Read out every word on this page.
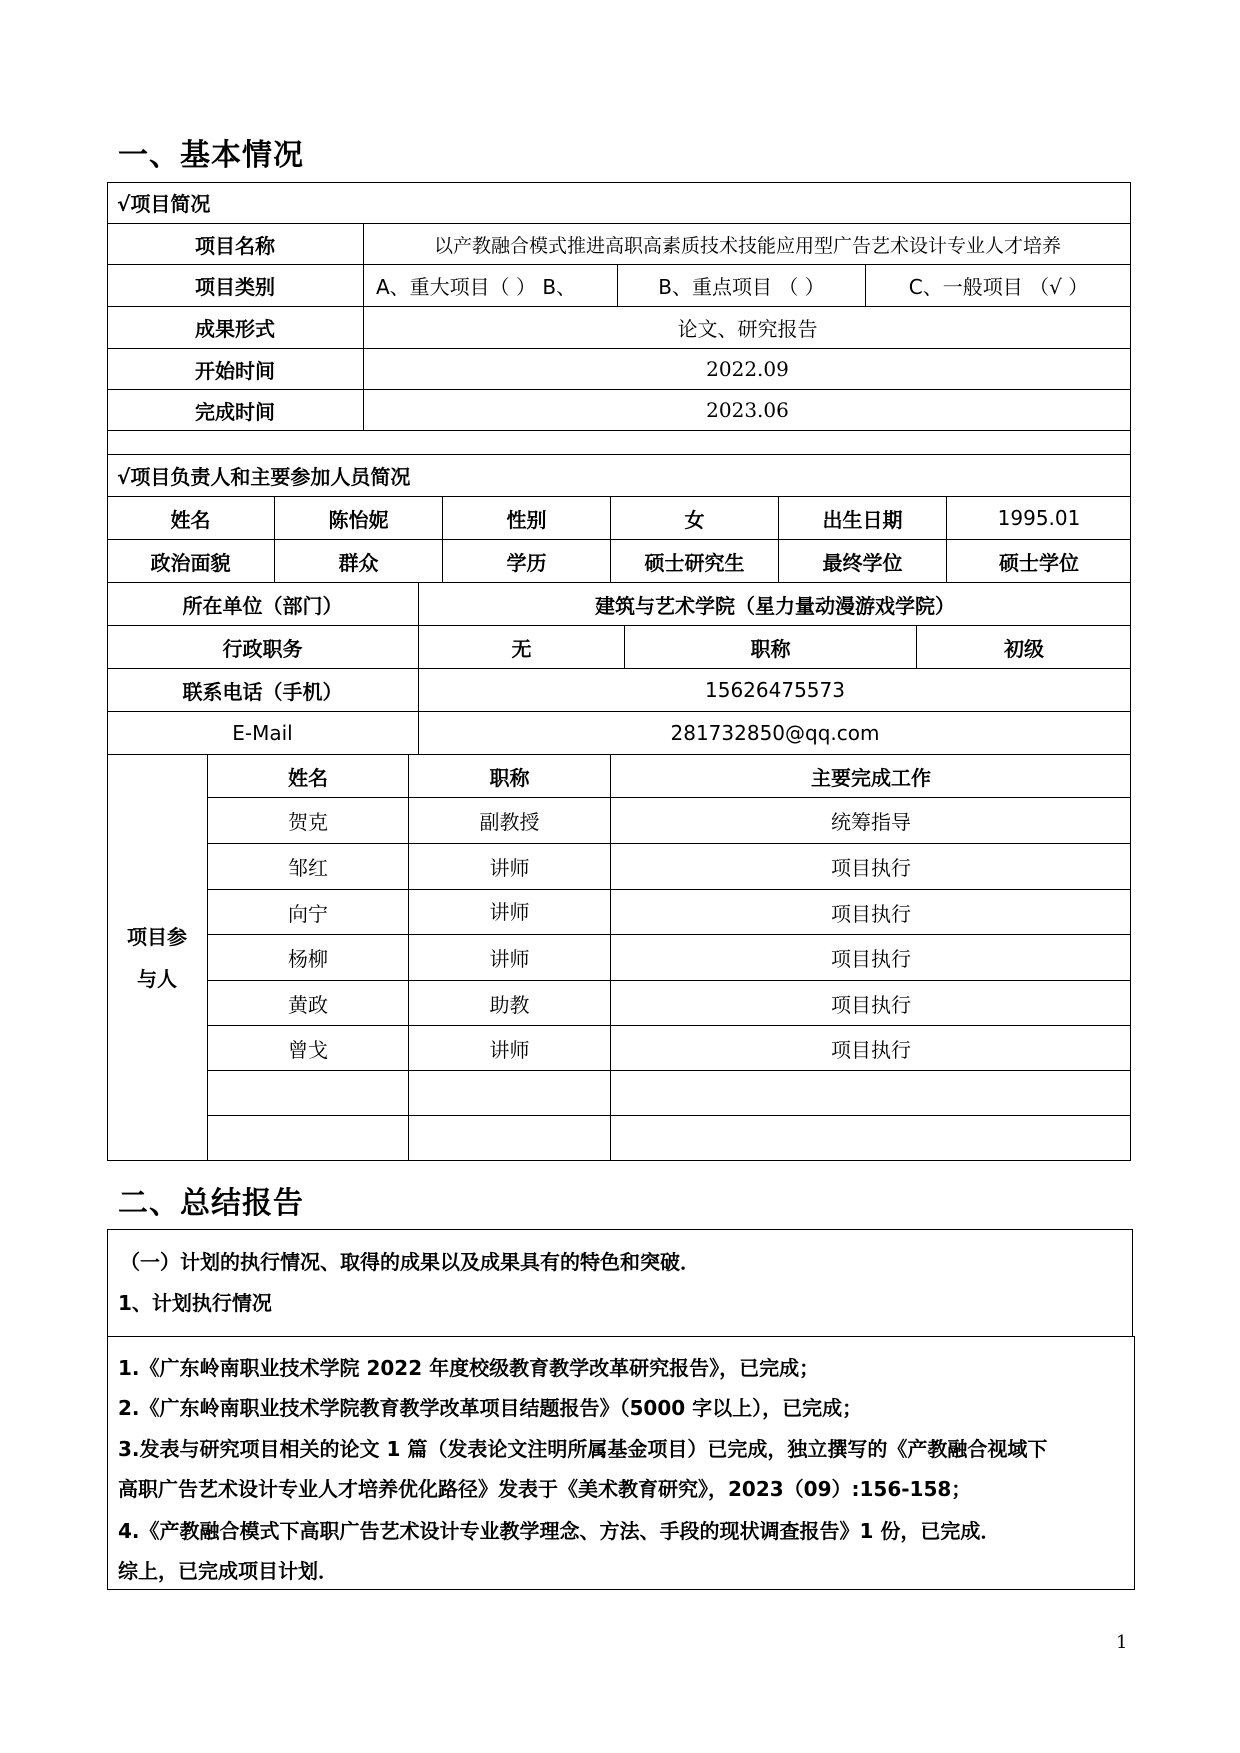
一、基本情况
√项目简况
项目名称	以产教融合模式推进高职高素质技术技能应用型广告艺术设计专业人才培养
项目类别	A、重大项目（ ） B、	B、重点项目 （ ）	C、一般项目 （√ ）
成果形式	论文、研究报告
开始时间	2022.09
完成时间	2023.06
√项目负责人和主要参加人员简况
姓名	陈怡妮	性别	女	出生日期	1995.01
政治面貌	群众	学历	硕士研究生	最终学位	硕士学位
所在单位（部门）	建筑与艺术学院（星力量动漫游戏学院）
行政职务	无	职称	初级
联系电话（手机）	15626475573
E-Mail	281732850@qq.com
项目参
与人
姓名	职称	主要完成工作
贺克	副教授	统筹指导
邹红	讲师	项目执行
向宁	讲师	项目执行
杨柳	讲师	项目执行
黄政	助教	项目执行
曾戈	讲师	项目执行
二、总结报告
（一）计划的执行情况、取得的成果以及成果具有的特色和突破．
1、计划执行情况
1.《广东岭南职业技术学院 2022 年度校级教育教学改革研究报告》，已完成；
2.《广东岭南职业技术学院教育教学改革项目结题报告》（5000 字以上），已完成；
3.发表与研究项目相关的论文 1 篇（发表论文注明所属基金项目）已完成，独立撰写的《产教融合视域下
高职广告艺术设计专业人才培养优化路径》发表于《美术教育研究》，2023（09）:156-158；
4.《产教融合模式下高职广告艺术设计专业教学理念、方法、手段的现状调查报告》1 份，已完成．
综上，已完成项目计划．
1
